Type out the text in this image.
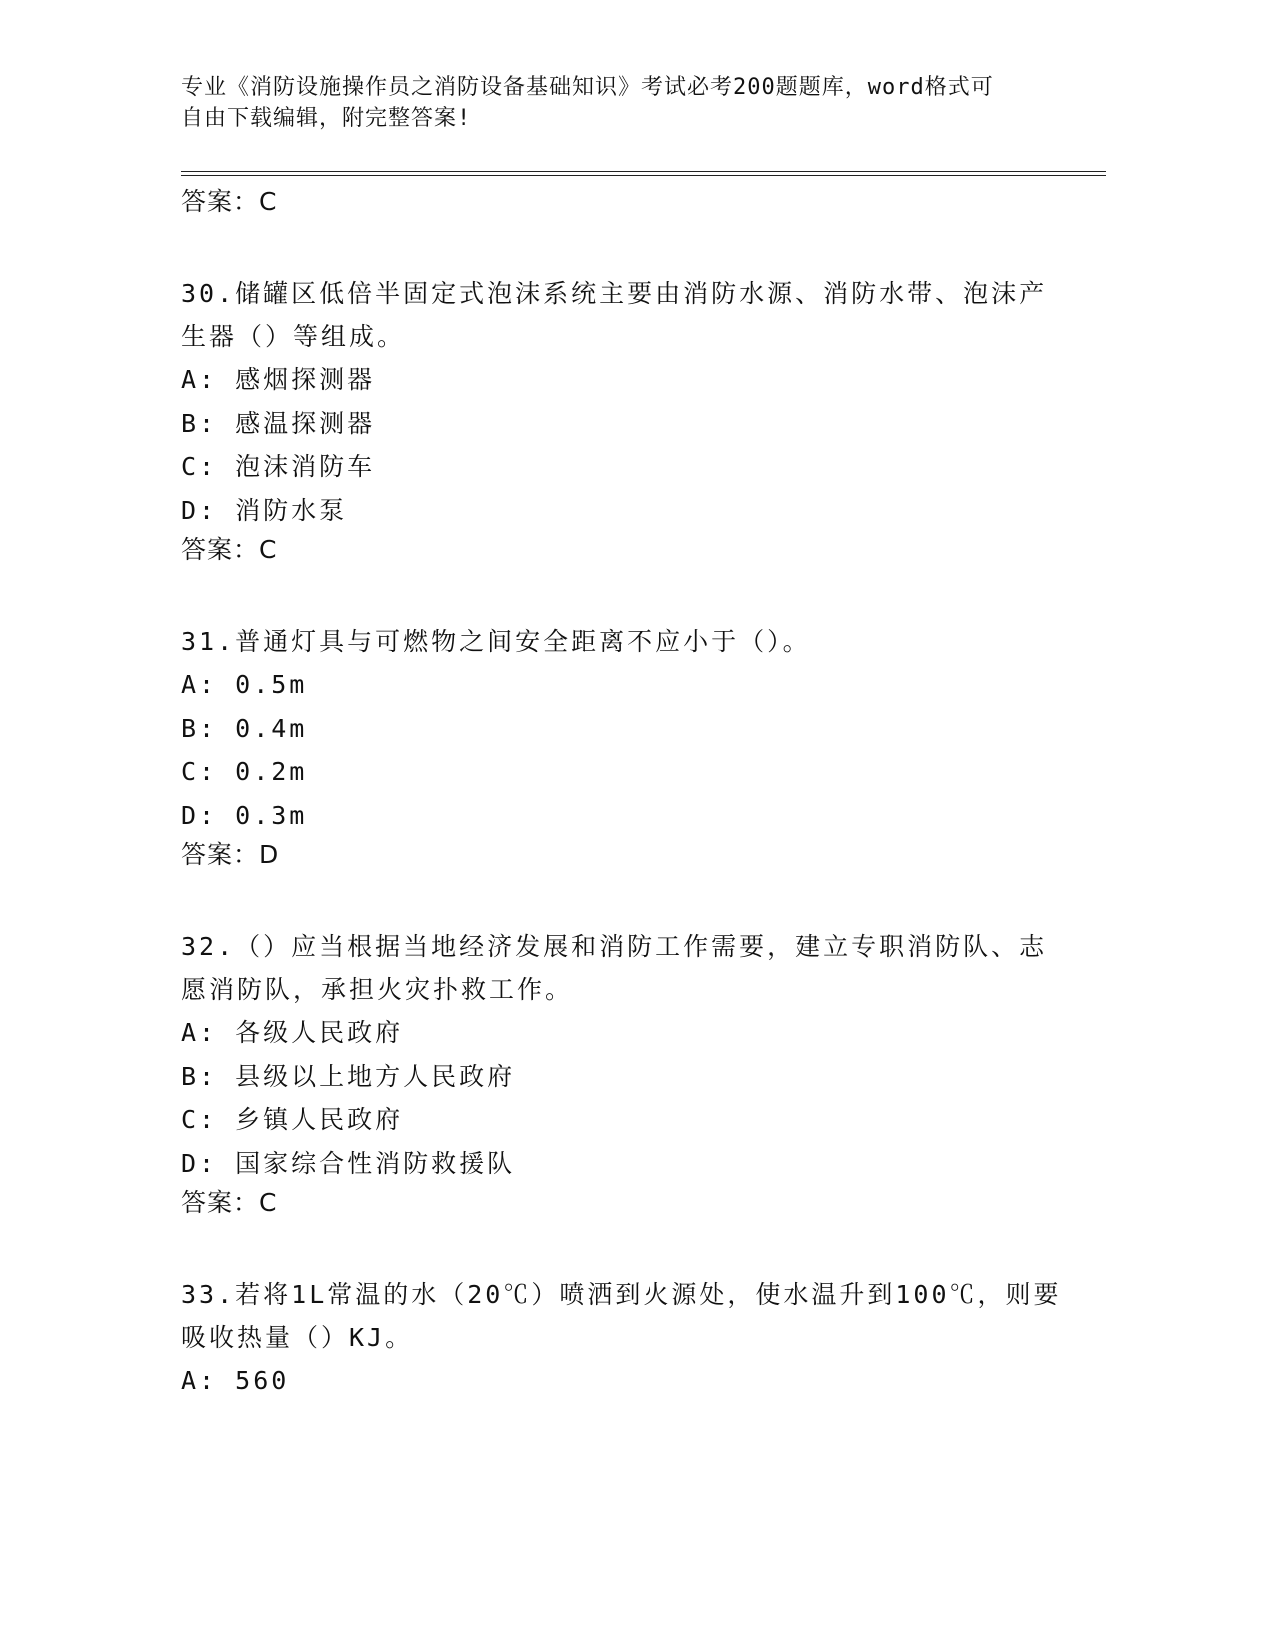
专业《消防设施操作员之消防设备基础知识》考试必考200题题库，word格式可
自由下载编辑，附完整答案!
答案：C
30.储罐区低倍半固定式泡沫系统主要由消防水源、消防水带、泡沫产
生器（）等组成。
A: 感烟探测器
B: 感温探测器
C: 泡沫消防车
D: 消防水泵
答案：C
31.普通灯具与可燃物之间安全距离不应小于（）。
A: 0.5m
B: 0.4m
C: 0.2m
D: 0.3m
答案：D
32.（）应当根据当地经济发展和消防工作需要，建立专职消防队、志
愿消防队，承担火灾扑救工作。
A: 各级人民政府
B: 县级以上地方人民政府
C: 乡镇人民政府
D: 国家综合性消防救援队
答案：C
33.若将1L常温的水（20℃）喷洒到火源处，使水温升到100℃，则要
吸收热量（）KJ。
A: 560
